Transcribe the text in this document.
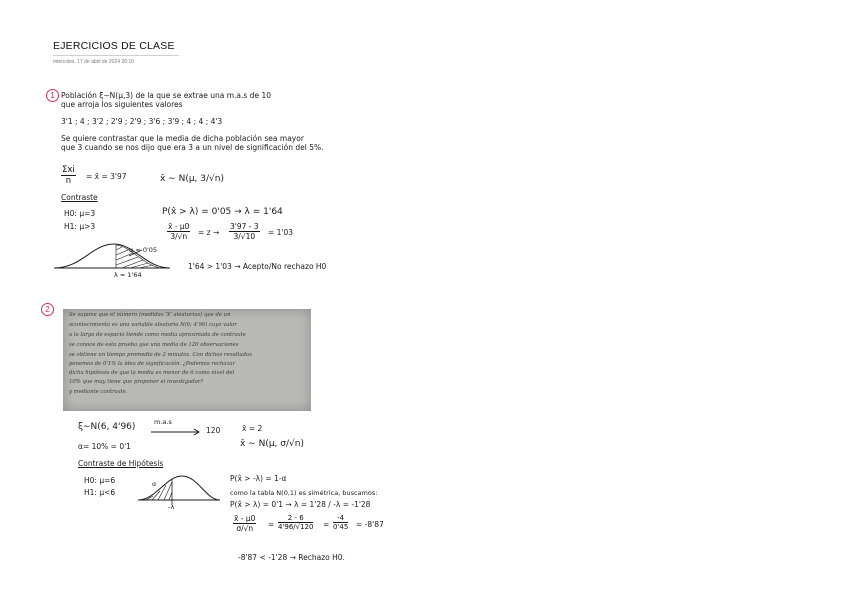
EJERCICIOS DE CLASE
miércoles, 17 de abril de 2024 20:10
1 Población ξ∼N(μ,3) de la que se extrae una m.a.s de 10
que arroja los siguientes valores
3'1 ; 4 ; 3'2 ; 2'9 ; 2'9 ; 3'6 ; 3'9 ; 4 ; 4 ; 4'3
Se quiere contrastar que la media de dicha población sea mayor
que 3 cuando se nos dijo que era 3 a un nivel de significación del 5%.
Σxi
n	= x̄ = 3'97	x̄ ∼ N(μ, 3/√n)
Contraste
H0: μ=3
H1: μ>3
P(x̂ > λ) = 0'05 → λ = 1'64
$\frac{x̄ - \mu 0}{3/√n} = z \to \frac{3'97 - 3}{3/√10} = 1'03$
α = 0'05
λ = 1'64
1'64 > 1'03 → Acepto/No rechazo H0
2
Se supone que el número (medidas 'X' aleatorias) que de un
acontecimiento es una variable aleatoria N(6; 4'96) cuyo valor
a lo largo de espacio tiende como media aproximada de contraste
se conoce de esta prueba que una media de 120 observaciones
se obtiene un tiempo promedio de 2 minutos. Con dichos resultados
ponemos de 0'1% la idea de significación. ¿Podemos rechazar
dicha hipótesis de que la media es menor de 6 como nivel del
10% que muy tiene que proponer el investigador?
y mediante contraste.
ξ∼N(6, 4'96)	m.a.s
120	x̄ = 2
α= 10% = 0'1	x̄ ∼ N(μ, σ/√n)
Contraste de Hipótesis
H0: μ=6
H1: μ<6
α
-λ
P(x̂ > -λ) = 1-α
como la tabla N(0,1) es simétrica, buscamos:
P(x̂ > λ) = 0'1 → λ = 1'28 / -λ = -1'28
$\frac{x̄ - \mu 0}{\sigma/√n} = \frac{2 - 6}{4'96/√120} = \frac{-4}{0'45} = -8'87$
-8'87 < -1'28 → Rechazo H0.
